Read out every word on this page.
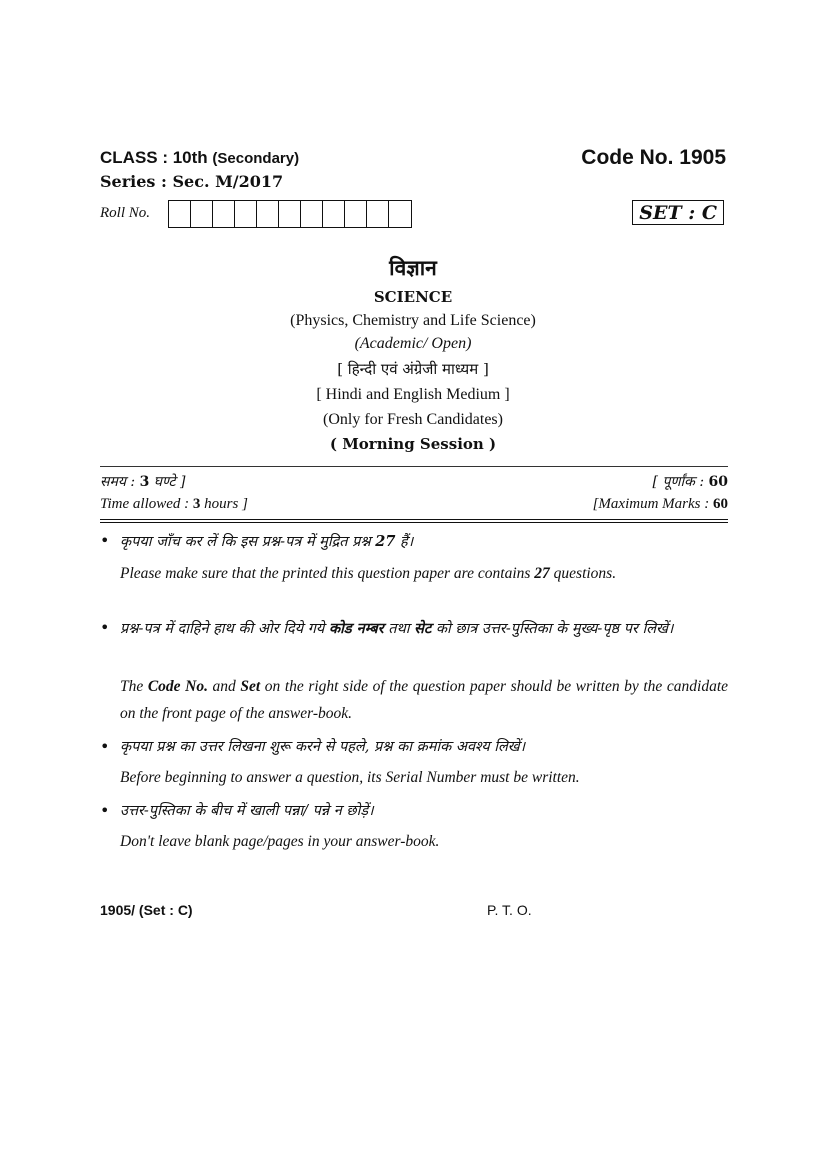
CLASS : 10th (Secondary)	Code No. 1905
Series : Sec. M/2017
Roll No.	SET : C
विज्ञान
SCIENCE
(Physics, Chemistry and Life Science)
(Academic/ Open)
[ हिन्दी एवं अंग्रेजी माध्यम ]
[ Hindi and English Medium ]
(Only for Fresh Candidates)
( Morning Session )
समय : 3 घण्टे ]	[ पूर्णांक : 60
Time allowed : 3 hours ]	[Maximum Marks : 60
• कृपया जाँच कर लें कि इस प्रश्न-पत्र में मुद्रित प्रश्न 27 हैं।
Please make sure that the printed this question paper are contains 27 questions.
• प्रश्न-पत्र में दाहिने हाथ की ओर दिये गये कोड नम्बर तथा सेट को छात्र उत्तर-पुस्तिका के मुख्य-पृष्ठ पर लिखें।
The Code No. and Set on the right side of the question paper should be written by the candidate on the front page of the answer-book.
• कृपया प्रश्न का उत्तर लिखना शुरू करने से पहले, प्रश्न का क्रमांक अवश्य लिखें।
Before beginning to answer a question, its Serial Number must be written.
• उत्तर-पुस्तिका के बीच में खाली पन्ना/ पन्ने न छोड़ें।
Don't leave blank page/pages in your answer-book.
1905/ (Set : C)	P. T. O.
